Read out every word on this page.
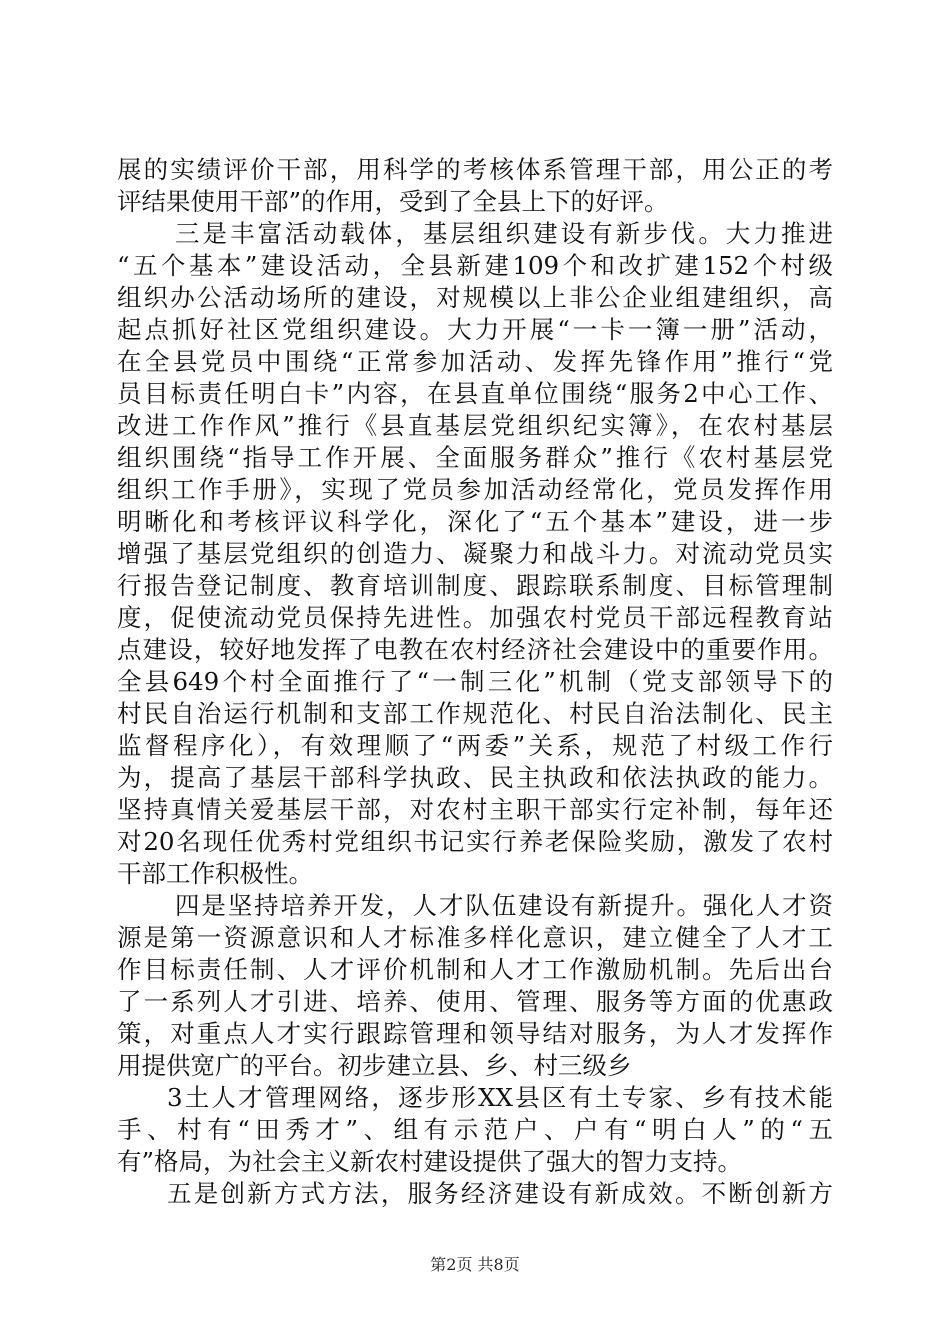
展的实绩评价干部，用科学的考核体系管理干部，用公正的考
评结果使用干部”的作用，受到了全县上下的好评。
三是丰富活动载体，基层组织建设有新步伐。大力推进
“五个基本”建设活动，全县新建109个和改扩建152个村级
组织办公活动场所的建设，对规模以上非公企业组建组织，高
起点抓好社区党组织建设。大力开展“一卡一簿一册”活动，
在全县党员中围绕“正常参加活动、发挥先锋作用”推行“党
员目标责任明白卡”内容，在县直单位围绕“服务2中心工作、
改进工作作风”推行《县直基层党组织纪实簿》，在农村基层
组织围绕“指导工作开展、全面服务群众”推行《农村基层党
组织工作手册》，实现了党员参加活动经常化，党员发挥作用
明晰化和考核评议科学化，深化了“五个基本”建设，进一步
增强了基层党组织的创造力、凝聚力和战斗力。对流动党员实
行报告登记制度、教育培训制度、跟踪联系制度、目标管理制
度，促使流动党员保持先进性。加强农村党员干部远程教育站
点建设，较好地发挥了电教在农村经济社会建设中的重要作用。
全县649个村全面推行了“一制三化”机制（党支部领导下的
村民自治运行机制和支部工作规范化、村民自治法制化、民主
监督程序化），有效理顺了“两委”关系，规范了村级工作行
为，提高了基层干部科学执政、民主执政和依法执政的能力。
坚持真情关爱基层干部，对农村主职干部实行定补制，每年还
对20名现任优秀村党组织书记实行养老保险奖励，激发了农村
干部工作积极性。
四是坚持培养开发，人才队伍建设有新提升。强化人才资
源是第一资源意识和人才标准多样化意识，建立健全了人才工
作目标责任制、人才评价机制和人才工作激励机制。先后出台
了一系列人才引进、培养、使用、管理、服务等方面的优惠政
策，对重点人才实行跟踪管理和领导结对服务，为人才发挥作
用提供宽广的平台。初步建立县、乡、村三级乡
3土人才管理网络，逐步形XX县区有土专家、乡有技术能
手、村有“田秀才”、组有示范户、户有“明白人”的“五
有”格局，为社会主义新农村建设提供了强大的智力支持。
五是创新方式方法，服务经济建设有新成效。不断创新方
第2页 共8页
